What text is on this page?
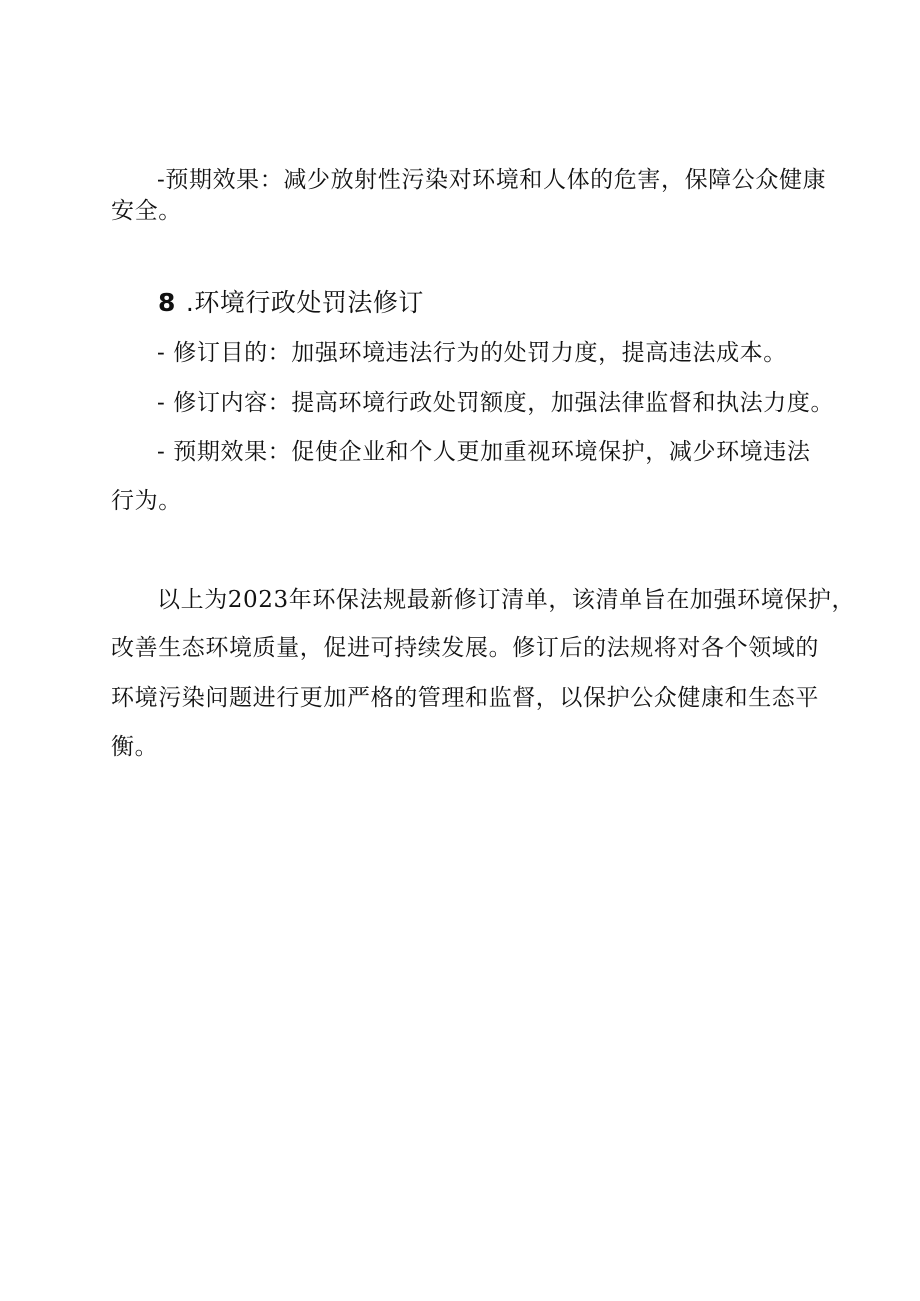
-预期效果：减少放射性污染对环境和人体的危害，保障公众健康
安全。
8 .环境行政处罚法修订
- 修订目的：加强环境违法行为的处罚力度，提高违法成本。
- 修订内容：提高环境行政处罚额度，加强法律监督和执法力度。
- 预期效果：促使企业和个人更加重视环境保护，减少环境违法
行为。
以上为2023年环保法规最新修订清单，该清单旨在加强环境保护，
改善生态环境质量，促进可持续发展。修订后的法规将对各个领域的
环境污染问题进行更加严格的管理和监督，以保护公众健康和生态平
衡。
